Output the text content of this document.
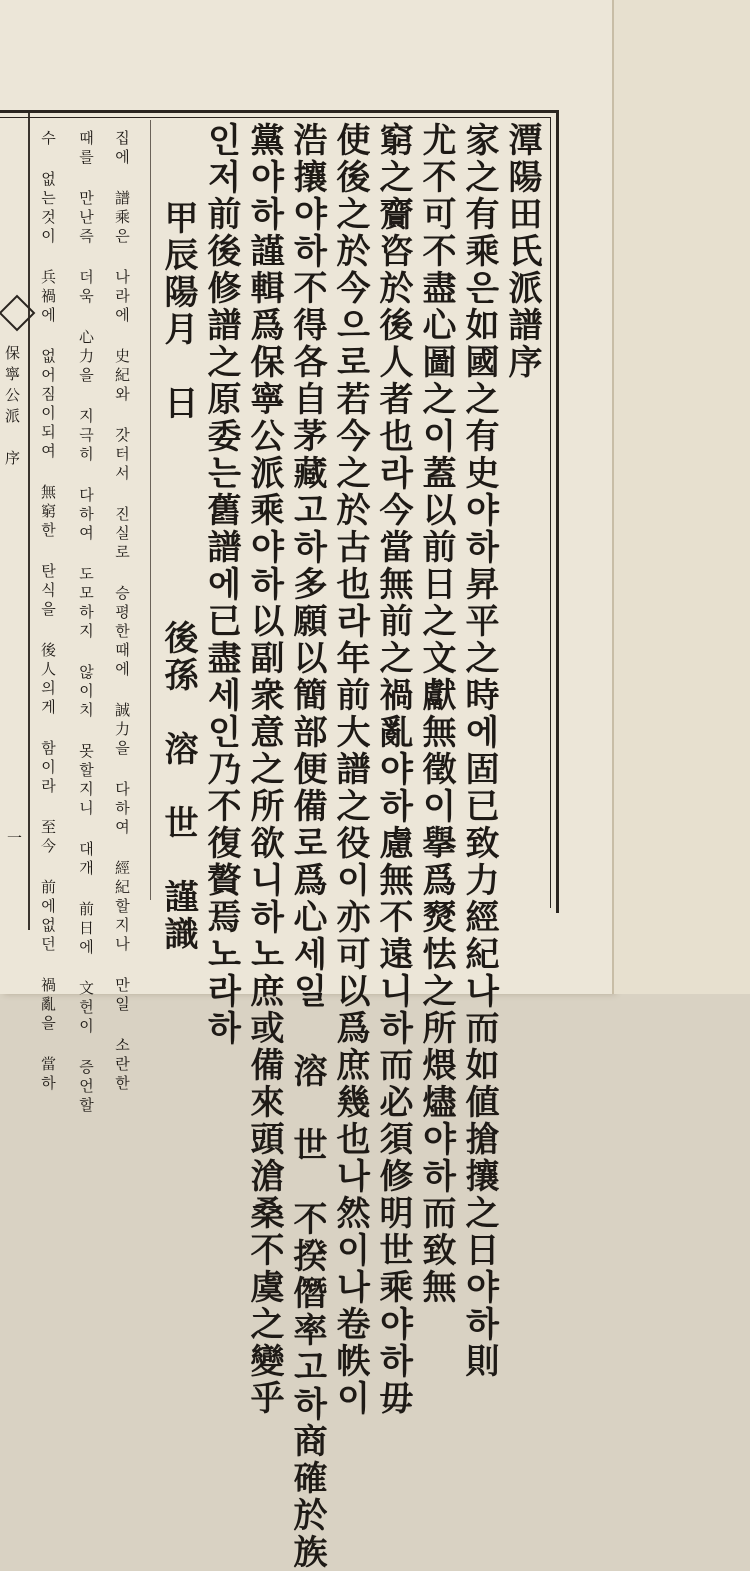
保寧公派　序
一
潭陽田氏派譜序
家之有乘은如國之有史야하昇平之時에固已致力經紀나而如値搶攘之日야하則
尤不可不盡心圖之이蓋以前日之文獻無徵이擧爲燹怯之所煨燼야하而致無
窮之齎咨於後人者也라今當無前之禍亂야하慮無不遠니하而必須修明世乘야하毋
使後之於今으로若今之於古也라年前大譜之役이亦可以爲庶幾也나然이나卷帙이
浩攘야하不得各自茅藏고하多願以簡部便備로爲心세일 溶　世　不揆僭率고하商確於族
黨야하謹輯爲保寧公派乘야하以副衆意之所欲니하노庶或備來頭滄桑不虞之變乎
인저前後修譜之原委는舊譜에已盡세인乃不復贅焉노라하
甲辰陽月　日
後孫　溶　世　謹識
집에 譜乘은 나라에 史紀와 갓터서 진실로 승평한때에 誠力을 다하여 經紀할지나 만일 소란한
때를 만난즉 더욱 心力을 지극히 다하여 도모하지 않이치 못할지니 대개 前日에 文헌이 증언할
수 없는것이 兵禍에 없어짐이되여 無窮한 탄식을 後人의게 함이라 至今 前에없던 禍亂을 當하
